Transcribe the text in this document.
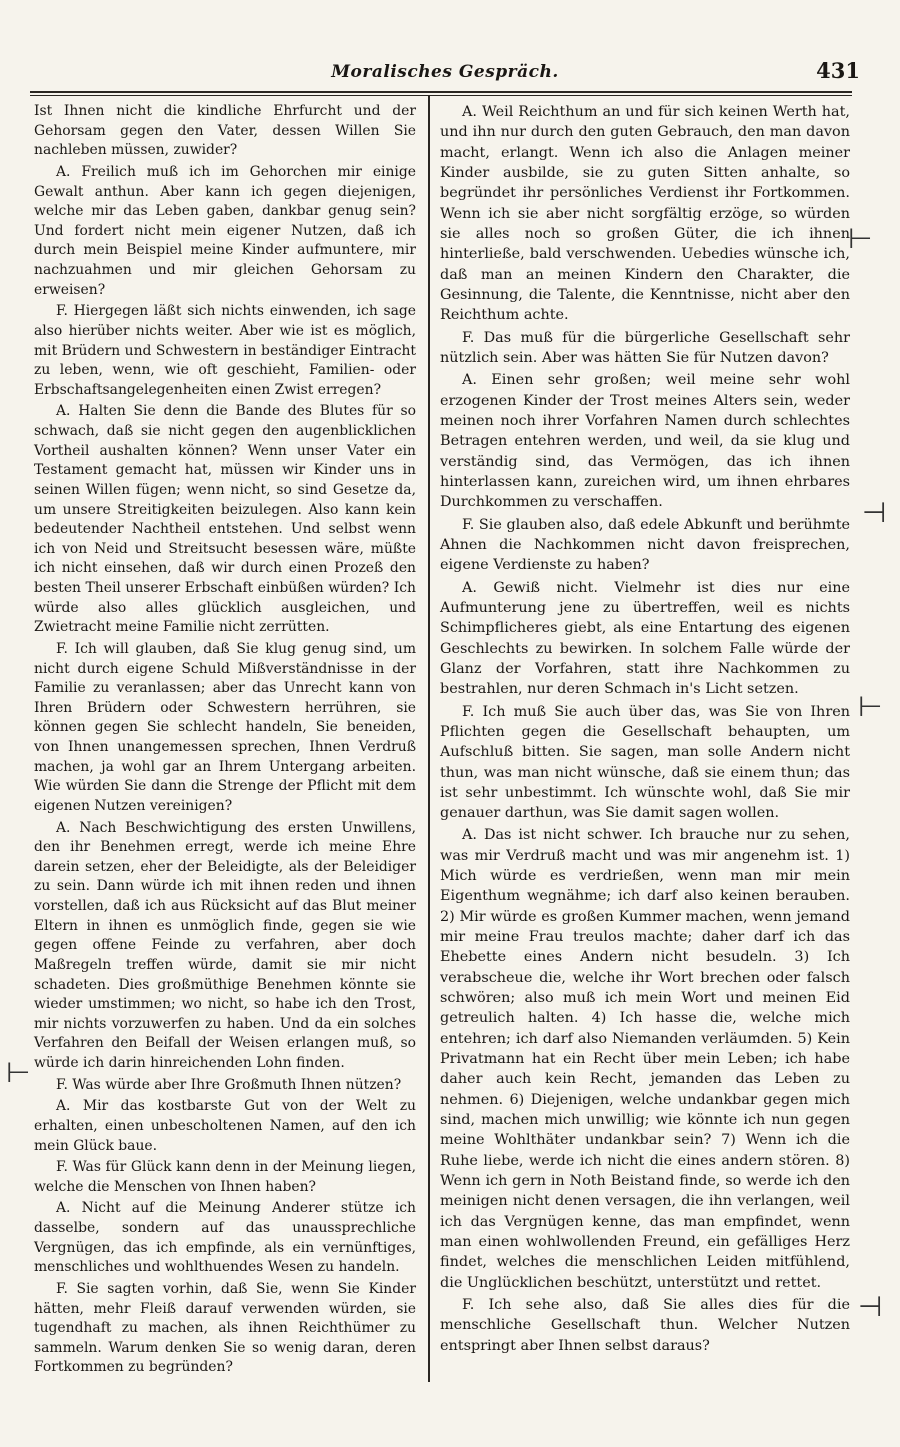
Moralisches Gespräch.	431

Ist Ihnen nicht die kindliche Ehrfurcht und der Gehorsam gegen den Vater, dessen Willen Sie nachleben müssen, zuwider?

A. Freilich muß ich im Gehorchen mir einige Gewalt anthun. Aber kann ich gegen diejenigen, welche mir das Leben gaben, dankbar genug sein? Und fordert nicht mein eigener Nutzen, daß ich durch mein Beispiel meine Kinder aufmuntere, mir nachzuahmen und mir gleichen Gehorsam zu erweisen?

F. Hiergegen läßt sich nichts einwenden, ich sage also hierüber nichts weiter. Aber wie ist es möglich, mit Brüdern und Schwestern in beständiger Eintracht zu leben, wenn, wie oft geschieht, Familien- oder Erbschaftsangelegenheiten einen Zwist erregen?

A. Halten Sie denn die Bande des Blutes für so schwach, daß sie nicht gegen den augenblicklichen Vortheil aushalten können? Wenn unser Vater ein Testament gemacht hat, müssen wir Kinder uns in seinen Willen fügen; wenn nicht, so sind Gesetze da, um unsere Streitigkeiten beizulegen. Also kann kein bedeutender Nachtheil entstehen. Und selbst wenn ich von Neid und Streitsucht besessen wäre, müßte ich nicht einsehen, daß wir durch einen Prozeß den besten Theil unserer Erbschaft einbüßen würden? Ich würde also alles glücklich ausgleichen, und Zwietracht meine Familie nicht zerrütten.

F. Ich will glauben, daß Sie klug genug sind, um nicht durch eigene Schuld Mißverständnisse in der Familie zu veranlassen; aber das Unrecht kann von Ihren Brüdern oder Schwestern herrühren, sie können gegen Sie schlecht handeln, Sie beneiden, von Ihnen unangemessen sprechen, Ihnen Verdruß machen, ja wohl gar an Ihrem Untergang arbeiten. Wie würden Sie dann die Strenge der Pflicht mit dem eigenen Nutzen vereinigen?

A. Nach Beschwichtigung des ersten Unwillens, den ihr Benehmen erregt, werde ich meine Ehre darein setzen, eher der Beleidigte, als der Beleidiger zu sein. Dann würde ich mit ihnen reden und ihnen vorstellen, daß ich aus Rücksicht auf das Blut meiner Eltern in ihnen es unmöglich finde, gegen sie wie gegen offene Feinde zu verfahren, aber doch Maßregeln treffen würde, damit sie mir nicht schadeten. Dies großmüthige Benehmen könnte sie wieder umstimmen; wo nicht, so habe ich den Trost, mir nichts vorzuwerfen zu haben. Und da ein solches Verfahren den Beifall der Weisen erlangen muß, so würde ich darin hinreichenden Lohn finden.

F. Was würde aber Ihre Großmuth Ihnen nützen?

A. Mir das kostbarste Gut von der Welt zu erhalten, einen unbescholtenen Namen, auf den ich mein Glück baue.

F. Was für Glück kann denn in der Meinung liegen, welche die Menschen von Ihnen haben?

A. Nicht auf die Meinung Anderer stütze ich dasselbe, sondern auf das unaussprechliche Vergnügen, das ich empfinde, als ein vernünftiges, menschliches und wohlthuendes Wesen zu handeln.

F. Sie sagten vorhin, daß Sie, wenn Sie Kinder hätten, mehr Fleiß darauf verwenden würden, sie tugendhaft zu machen, als ihnen Reichthümer zu sammeln. Warum denken Sie so wenig daran, deren Fortkommen zu begründen?

A. Weil Reichthum an und für sich keinen Werth hat, und ihn nur durch den guten Gebrauch, den man davon macht, erlangt. Wenn ich also die Anlagen meiner Kinder ausbilde, sie zu guten Sitten anhalte, so begründet ihr persönliches Verdienst ihr Fortkommen. Wenn ich sie aber nicht sorgfältig erzöge, so würden sie alles noch so großen Güter, die ich ihnen hinterließe, bald verschwenden. Uebedies wünsche ich, daß man an meinen Kindern den Charakter, die Gesinnung, die Talente, die Kenntnisse, nicht aber den Reichthum achte.

F. Das muß für die bürgerliche Gesellschaft sehr nützlich sein. Aber was hätten Sie für Nutzen davon?

A. Einen sehr großen; weil meine sehr wohl erzogenen Kinder der Trost meines Alters sein, weder meinen noch ihrer Vorfahren Namen durch schlechtes Betragen entehren werden, und weil, da sie klug und verständig sind, das Vermögen, das ich ihnen hinterlassen kann, zureichen wird, um ihnen ehrbares Durchkommen zu verschaffen.

F. Sie glauben also, daß edele Abkunft und berühmte Ahnen die Nachkommen nicht davon freisprechen, eigene Verdienste zu haben?

A. Gewiß nicht. Vielmehr ist dies nur eine Aufmunterung jene zu übertreffen, weil es nichts Schimpflicheres giebt, als eine Entartung des eigenen Geschlechts zu bewirken. In solchem Falle würde der Glanz der Vorfahren, statt ihre Nachkommen zu bestrahlen, nur deren Schmach in's Licht setzen.

F. Ich muß Sie auch über das, was Sie von Ihren Pflichten gegen die Gesellschaft behaupten, um Aufschluß bitten. Sie sagen, man solle Andern nicht thun, was man nicht wünsche, daß sie einem thun; das ist sehr unbestimmt. Ich wünschte wohl, daß Sie mir genauer darthun, was Sie damit sagen wollen.

A. Das ist nicht schwer. Ich brauche nur zu sehen, was mir Verdruß macht und was mir angenehm ist. 1) Mich würde es verdrießen, wenn man mir mein Eigenthum wegnähme; ich darf also keinen berauben. 2) Mir würde es großen Kummer machen, wenn jemand mir meine Frau treulos machte; daher darf ich das Ehebette eines Andern nicht besudeln. 3) Ich verabscheue die, welche ihr Wort brechen oder falsch schwören; also muß ich mein Wort und meinen Eid getreulich halten. 4) Ich hasse die, welche mich entehren; ich darf also Niemanden verläumden. 5) Kein Privatmann hat ein Recht über mein Leben; ich habe daher auch kein Recht, jemanden das Leben zu nehmen. 6) Diejenigen, welche undankbar gegen mich sind, machen mich unwillig; wie könnte ich nun gegen meine Wohlthäter undankbar sein? 7) Wenn ich die Ruhe liebe, werde ich nicht die eines andern stören. 8) Wenn ich gern in Noth Beistand finde, so werde ich den meinigen nicht denen versagen, die ihn verlangen, weil ich das Vergnügen kenne, das man empfindet, wenn man einen wohlwollenden Freund, ein gefälliges Herz findet, welches die menschlichen Leiden mitfühlend, die Unglücklichen beschützt, unterstützt und rettet.

F. Ich sehe also, daß Sie alles dies für die menschliche Gesellschaft thun. Welcher Nutzen entspringt aber Ihnen selbst daraus?

⊢
⊣
⊢
⊣
⊢
